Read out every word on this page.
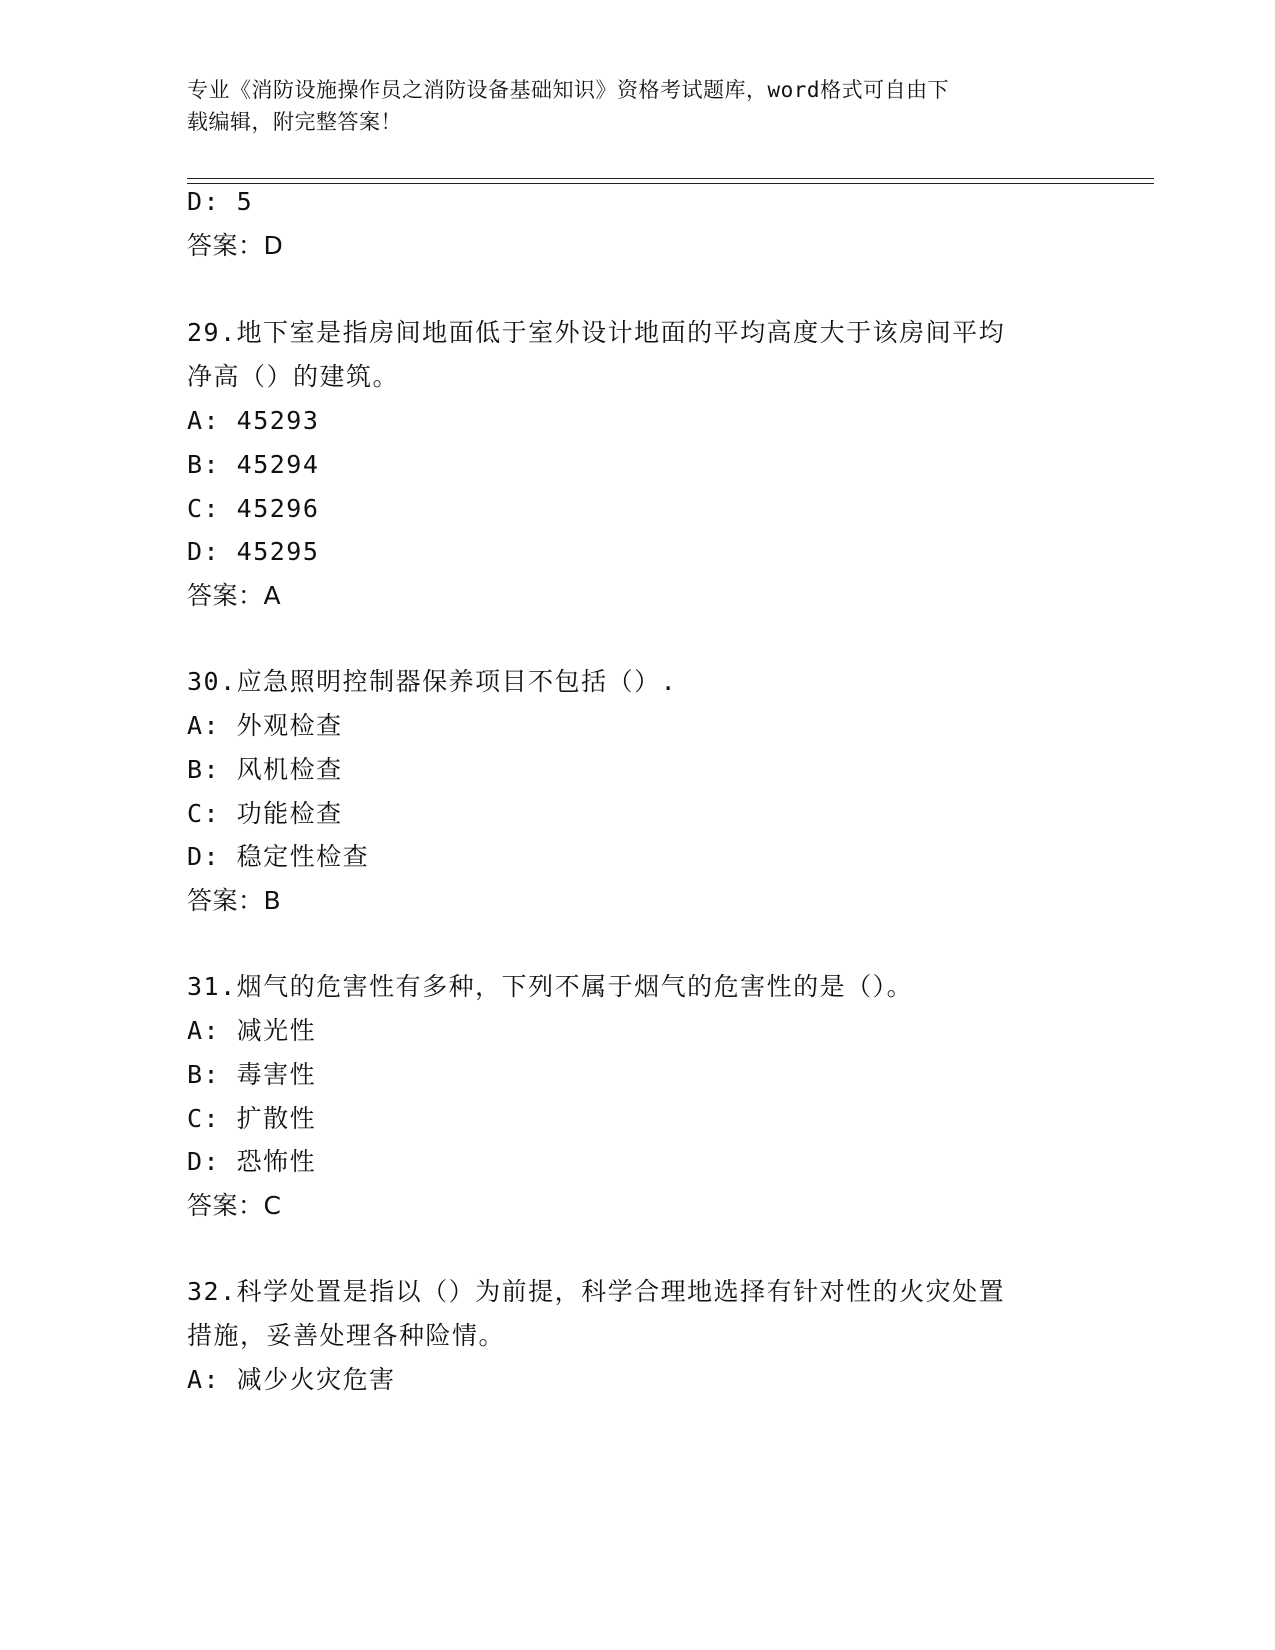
专业《消防设施操作员之消防设备基础知识》资格考试题库，word格式可自由下
载编辑，附完整答案！
D: 5
答案：D
29.地下室是指房间地面低于室外设计地面的平均高度大于该房间平均
净高（）的建筑。
A: 45293
B: 45294
C: 45296
D: 45295
答案：A
30.应急照明控制器保养项目不包括（）.
A: 外观检查
B: 风机检查
C: 功能检查
D: 稳定性检查
答案：B
31.烟气的危害性有多种，下列不属于烟气的危害性的是（）。
A: 减光性
B: 毒害性
C: 扩散性
D: 恐怖性
答案：C
32.科学处置是指以（）为前提，科学合理地选择有针对性的火灾处置
措施，妥善处理各种险情。
A: 减少火灾危害
